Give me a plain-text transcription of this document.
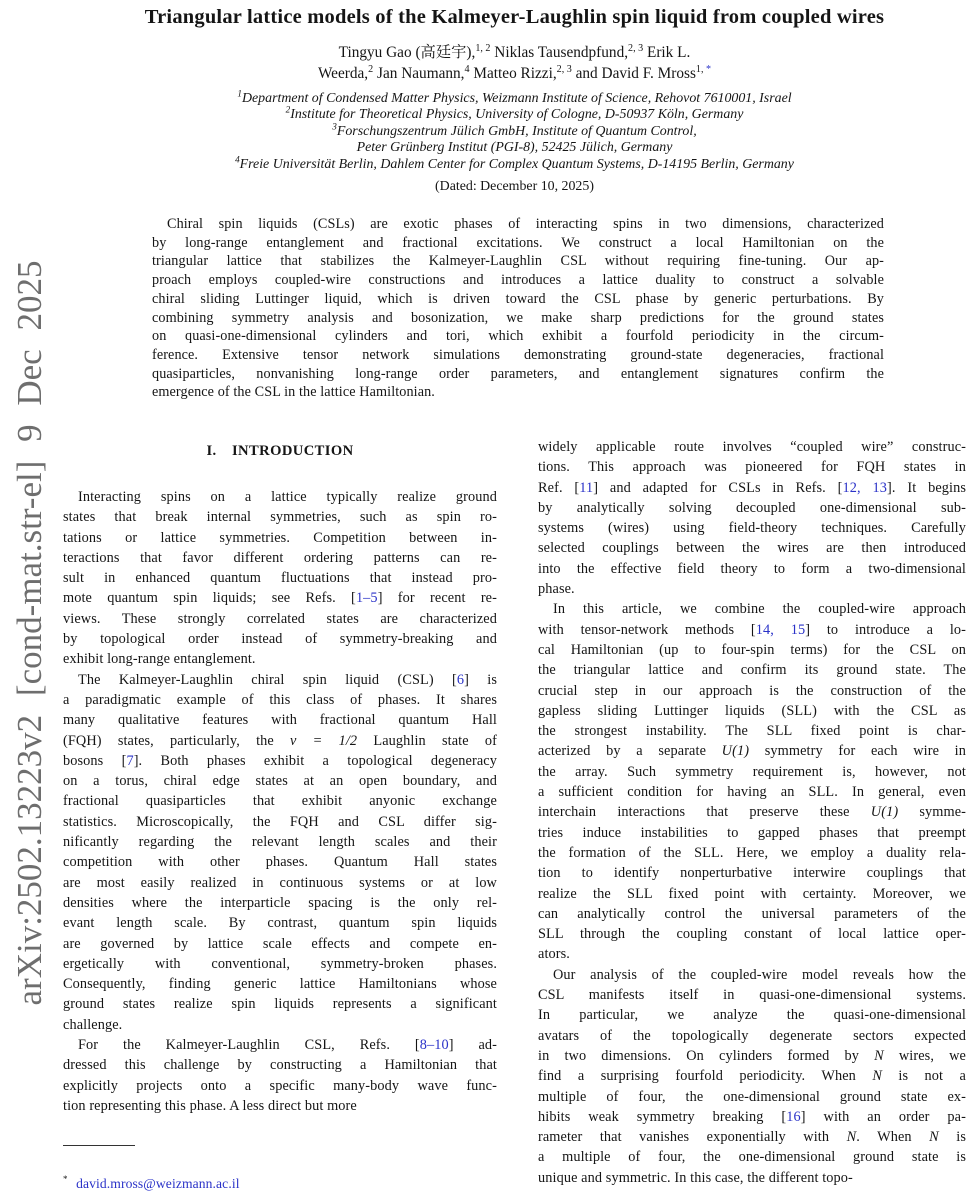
arXiv:2502.13223v2 [cond-mat.str-el] 9 Dec 2025
Triangular lattice models of the Kalmeyer-Laughlin spin liquid from coupled wires
Tingyu Gao (高廷宇),$^{1, 2}$ Niklas Tausendpfund,$^{2, 3}$ Erik L.
Weerda,$^2$ Jan Naumann,$^4$ Matteo Rizzi,$^{2, 3}$ and David F. Mross$^{1, *}$
$^1$Department of Condensed Matter Physics, Weizmann Institute of Science, Rehovot 7610001, Israel
$^2$Institute for Theoretical Physics, University of Cologne, D-50937 Köln, Germany
$^3$Forschungszentrum Jülich GmbH, Institute of Quantum Control,
Peter Grünberg Institut (PGI-8), 52425 Jülich, Germany
$^4$Freie Universität Berlin, Dahlem Center for Complex Quantum Systems, D-14195 Berlin, Germany
(Dated: December 10, 2025)
Chiral spin liquids (CSLs) are exotic phases of interacting spins in two dimensions, characterized
by long-range entanglement and fractional excitations. We construct a local Hamiltonian on the
triangular lattice that stabilizes the Kalmeyer-Laughlin CSL without requiring fine-tuning. Our ap-
proach employs coupled-wire constructions and introduces a lattice duality to construct a solvable
chiral sliding Luttinger liquid, which is driven toward the CSL phase by generic perturbations. By
combining symmetry analysis and bosonization, we make sharp predictions for the ground states
on quasi-one-dimensional cylinders and tori, which exhibit a fourfold periodicity in the circum-
ference. Extensive tensor network simulations demonstrating ground-state degeneracies, fractional
quasiparticles, nonvanishing long-range order parameters, and entanglement signatures confirm the
emergence of the CSL in the lattice Hamiltonian.
I.  INTRODUCTION
Interacting spins on a lattice typically realize ground
states that break internal symmetries, such as spin ro-
tations or lattice symmetries. Competition between in-
teractions that favor different ordering patterns can re-
sult in enhanced quantum fluctuations that instead pro-
mote quantum spin liquids; see Refs. [1–5] for recent re-
views. These strongly correlated states are characterized
by topological order instead of symmetry-breaking and
exhibit long-range entanglement.
The Kalmeyer-Laughlin chiral spin liquid (CSL) [6] is
a paradigmatic example of this class of phases. It shares
many qualitative features with fractional quantum Hall
(FQH) states, particularly, the ν = 1/2 Laughlin state of
bosons [7]. Both phases exhibit a topological degeneracy
on a torus, chiral edge states at an open boundary, and
fractional quasiparticles that exhibit anyonic exchange
statistics. Microscopically, the FQH and CSL differ sig-
nificantly regarding the relevant length scales and their
competition with other phases. Quantum Hall states
are most easily realized in continuous systems or at low
densities where the interparticle spacing is the only rel-
evant length scale. By contrast, quantum spin liquids
are governed by lattice scale effects and compete en-
ergetically with conventional, symmetry-broken phases.
Consequently, finding generic lattice Hamiltonians whose
ground states realize spin liquids represents a significant
challenge.
For the Kalmeyer-Laughlin CSL, Refs. [8–10] ad-
dressed this challenge by constructing a Hamiltonian that
explicitly projects onto a specific many-body wave func-
tion representing this phase. A less direct but more
* david.mross@weizmann.ac.il
widely applicable route involves “coupled wire” construc-
tions. This approach was pioneered for FQH states in
Ref. [11] and adapted for CSLs in Refs. [12, 13]. It begins
by analytically solving decoupled one-dimensional sub-
systems (wires) using field-theory techniques. Carefully
selected couplings between the wires are then introduced
into the effective field theory to form a two-dimensional
phase.
In this article, we combine the coupled-wire approach
with tensor-network methods [14, 15] to introduce a lo-
cal Hamiltonian (up to four-spin terms) for the CSL on
the triangular lattice and confirm its ground state. The
crucial step in our approach is the construction of the
gapless sliding Luttinger liquids (SLL) with the CSL as
the strongest instability. The SLL fixed point is char-
acterized by a separate U(1) symmetry for each wire in
the array. Such symmetry requirement is, however, not
a sufficient condition for having an SLL. In general, even
interchain interactions that preserve these U(1) symme-
tries induce instabilities to gapped phases that preempt
the formation of the SLL. Here, we employ a duality rela-
tion to identify nonperturbative interwire couplings that
realize the SLL fixed point with certainty. Moreover, we
can analytically control the universal parameters of the
SLL through the coupling constant of local lattice oper-
ators.
Our analysis of the coupled-wire model reveals how the
CSL manifests itself in quasi-one-dimensional systems.
In particular, we analyze the quasi-one-dimensional
avatars of the topologically degenerate sectors expected
in two dimensions. On cylinders formed by N wires, we
find a surprising fourfold periodicity. When N is not a
multiple of four, the one-dimensional ground state ex-
hibits weak symmetry breaking [16] with an order pa-
rameter that vanishes exponentially with N. When N is
a multiple of four, the one-dimensional ground state is
unique and symmetric. In this case, the different topo-
